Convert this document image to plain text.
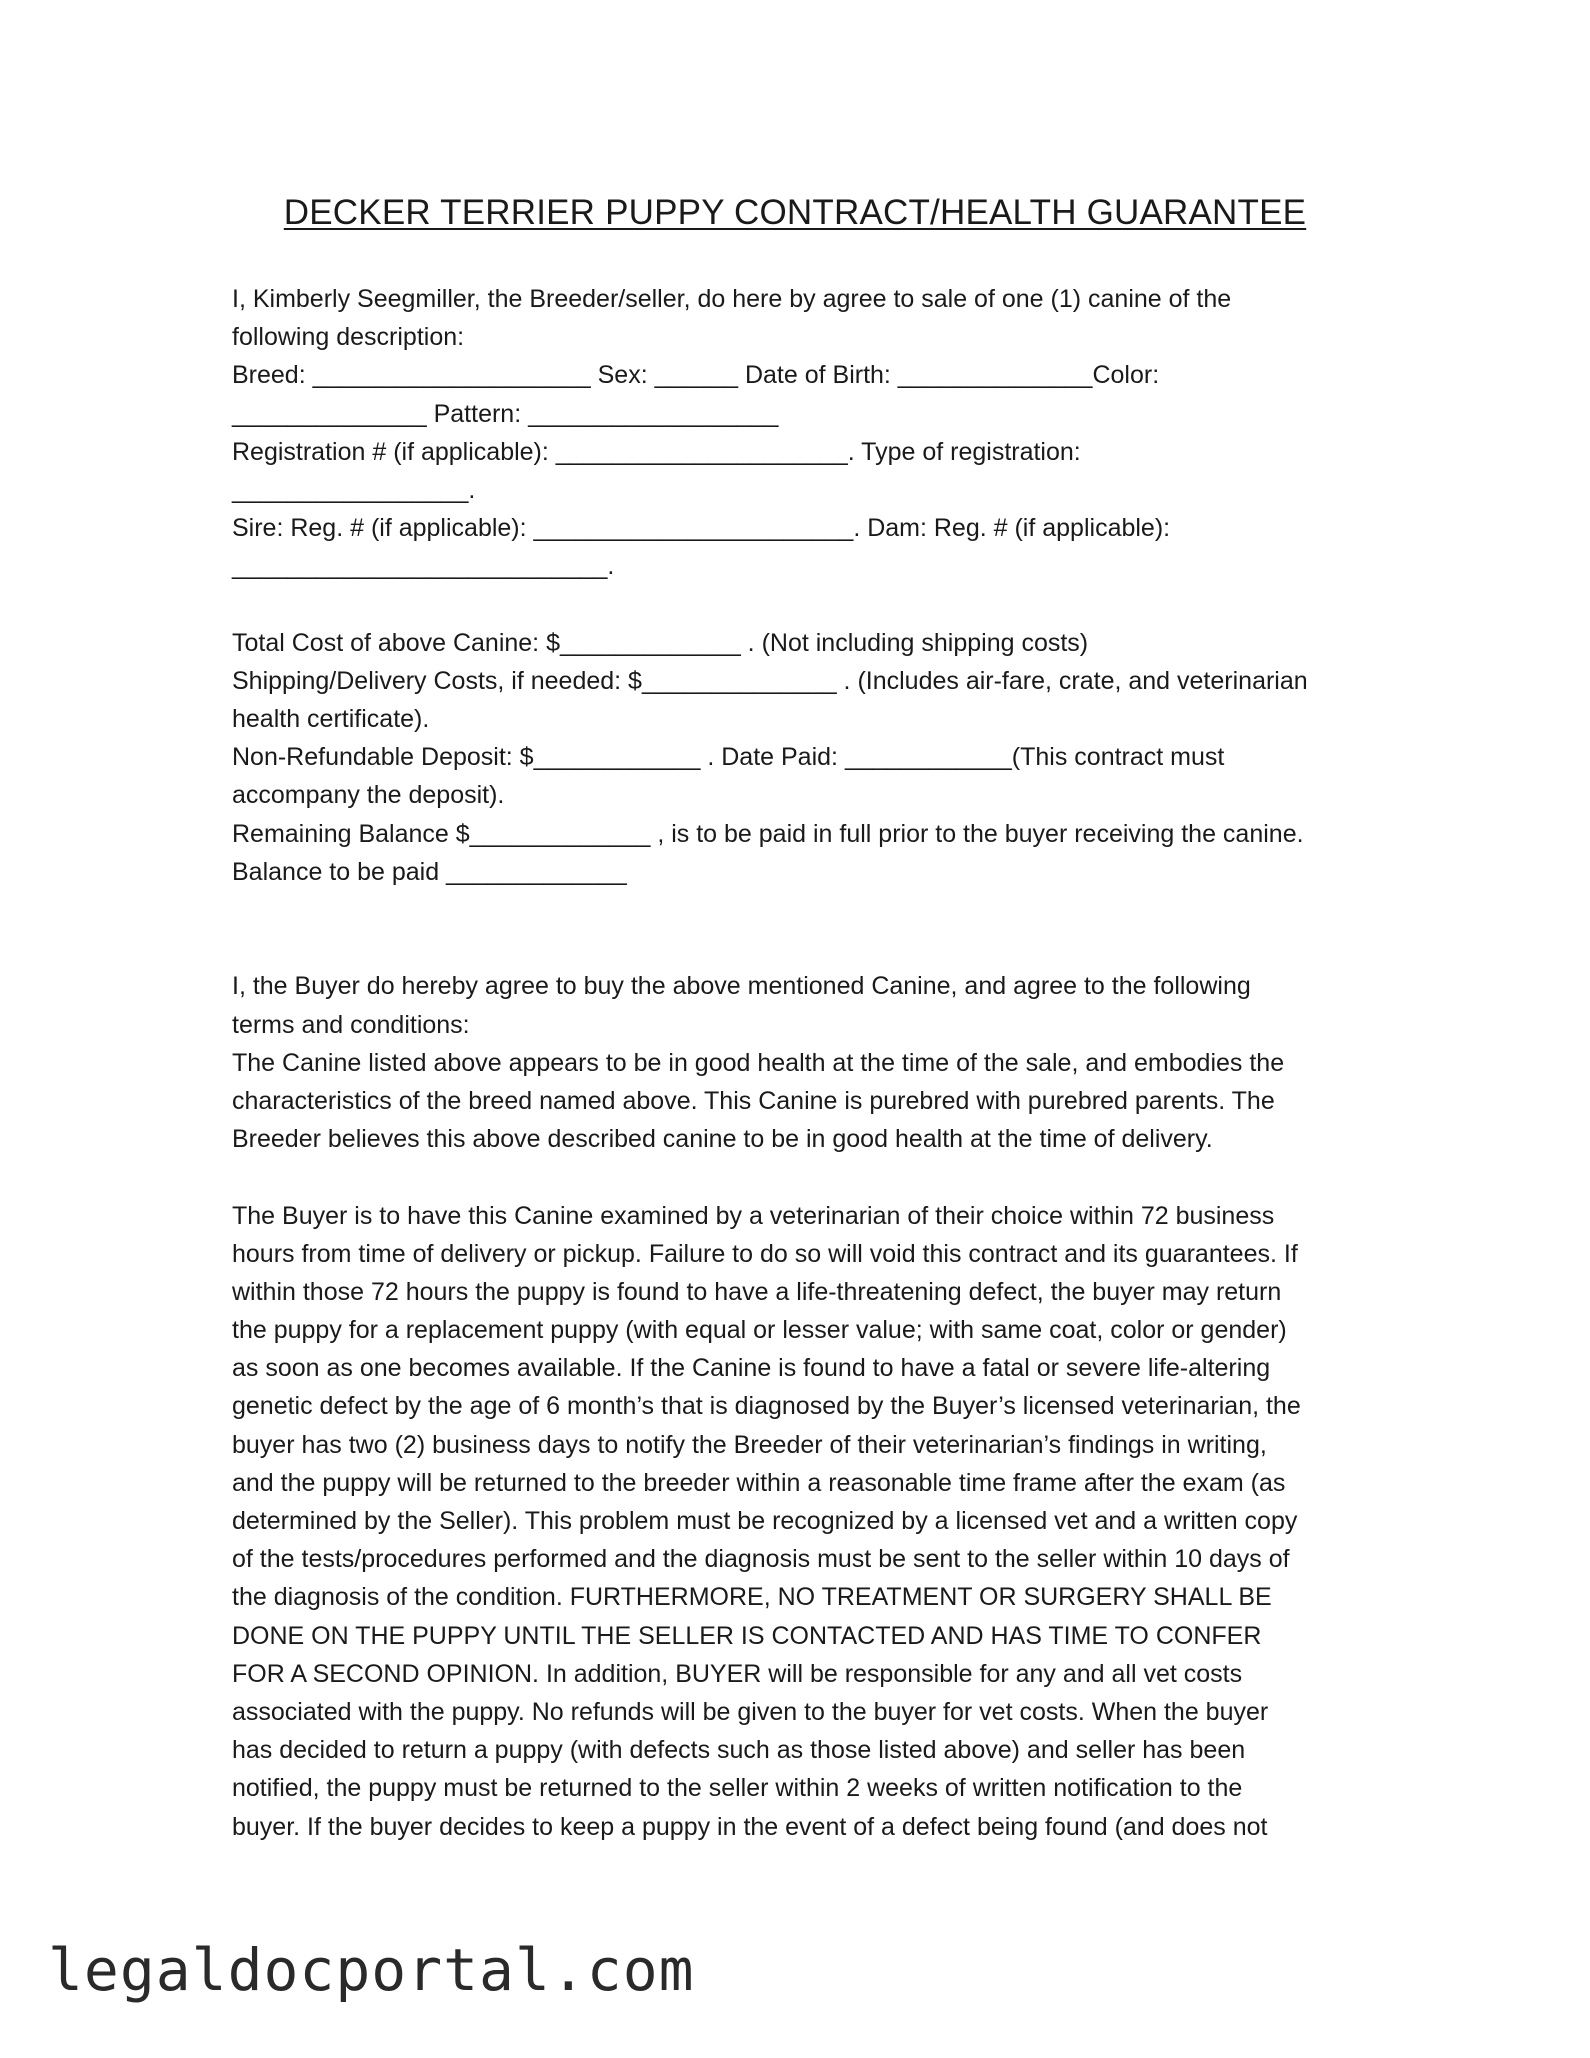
DECKER TERRIER PUPPY CONTRACT/HEALTH GUARANTEE
I, Kimberly Seegmiller, the Breeder/seller, do here by agree to sale of one (1) canine of the
following description:
Breed: ____________________ Sex: ______ Date of Birth: ______________Color:
______________ Pattern: __________________
Registration # (if applicable): _____________________. Type of registration:
_________________.
Sire: Reg. # (if applicable): _______________________. Dam: Reg. # (if applicable):
___________________________.
Total Cost of above Canine: $_____________ . (Not including shipping costs)
Shipping/Delivery Costs, if needed: $______________ . (Includes air-fare, crate, and veterinarian
health certificate).
Non-Refundable Deposit: $____________ . Date Paid: ____________(This contract must
accompany the deposit).
Remaining Balance $_____________ , is to be paid in full prior to the buyer receiving the canine.
Balance to be paid _____________
I, the Buyer do hereby agree to buy the above mentioned Canine, and agree to the following
terms and conditions:
The Canine listed above appears to be in good health at the time of the sale, and embodies the
characteristics of the breed named above. This Canine is purebred with purebred parents. The
Breeder believes this above described canine to be in good health at the time of delivery.
The Buyer is to have this Canine examined by a veterinarian of their choice within 72 business
hours from time of delivery or pickup. Failure to do so will void this contract and its guarantees. If
within those 72 hours the puppy is found to have a life-threatening defect, the buyer may return
the puppy for a replacement puppy (with equal or lesser value; with same coat, color or gender)
as soon as one becomes available. If the Canine is found to have a fatal or severe life-altering
genetic defect by the age of 6 month’s that is diagnosed by the Buyer’s licensed veterinarian, the
buyer has two (2) business days to notify the Breeder of their veterinarian’s findings in writing,
and the puppy will be returned to the breeder within a reasonable time frame after the exam (as
determined by the Seller). This problem must be recognized by a licensed vet and a written copy
of the tests/procedures performed and the diagnosis must be sent to the seller within 10 days of
the diagnosis of the condition. FURTHERMORE, NO TREATMENT OR SURGERY SHALL BE
DONE ON THE PUPPY UNTIL THE SELLER IS CONTACTED AND HAS TIME TO CONFER
FOR A SECOND OPINION. In addition, BUYER will be responsible for any and all vet costs
associated with the puppy. No refunds will be given to the buyer for vet costs. When the buyer
has decided to return a puppy (with defects such as those listed above) and seller has been
notified, the puppy must be returned to the seller within 2 weeks of written notification to the
buyer. If the buyer decides to keep a puppy in the event of a defect being found (and does not
legaldocportal.com
